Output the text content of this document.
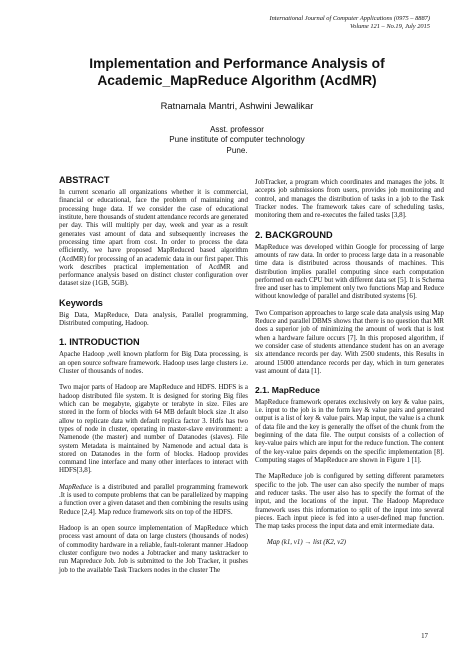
International Journal of Computer Applications (0975 – 8887)
Volume 121 – No.19, July 2015
Implementation and Performance Analysis of
Academic_MapReduce Algorithm (AcdMR)
Ratnamala Mantri, Ashwini Jewalikar
Asst. professor
Pune institute of computer technology
Pune.
ABSTRACT

In current scenario all organizations whether it is commercial, financial or educational, face the problem of maintaining and processing huge data. If we consider the case of educational institute, here thousands of student attendance records are generated per day. This will multiply per day, week and year as a result generates vast amount of data and subsequently increases the processing time apart from cost. In order to process the data efficiently, we have proposed MapReduced based algorithm (AcdMR) for processing of an academic data in our first paper. This work describes practical implementation of AcdMR and performance analysis based on distinct cluster configuration over dataset size (1GB, 5GB).

Keywords

Big Data, MapReduce, Data analysis, Parallel programming, Distributed computing, Hadoop.

1. INTRODUCTION

Apache Hadoop ,well known platform for Big Data processing, is an open source software framework. Hadoop uses large clusters i.e. Cluster of thousands of nodes.

Two major parts of Hadoop are MapReduce and HDFS. HDFS is a hadoop distributed file system. It is designed for storing Big files which can be megabyte, gigabyte or terabyte in size. Files are stored in the form of blocks with 64 MB default block size .It also allow to replicate data with default replica factor 3. Hdfs has two types of node in cluster, operating in master-slave environment: a Namenode (the master) and number of Datanodes (slaves). File system Metadata is maintained by Namenode and actual data is stored on Datanodes in the form of blocks. Hadoop provides command line interface and many other interfaces to interact with HDFS[3,8].

MapReduce is a distributed and parallel programming framework .It is used to compute problems that can be parallelized by mapping a function over a given dataset and then combining the results using Reduce [2,4]. Map reduce framework sits on top of the HDFS.

Hadoop is an open source implementation of MapReduce which process vast amount of data on large clusters (thousands of nodes) of commodity hardware in a reliable, fault-tolerant manner .Hadoop cluster configure two nodes a Jobtracker and many tasktracker to run Mapreduce Job. Job is submitted to the Job Tracker, it pushes job to the available Task Trackers nodes in the cluster The

JobTracker, a program which coordinates and manages the jobs. It accepts job submissions from users, provides job monitoring and control, and manages the distribution of tasks in a job to the Task Tracker nodes. The framework takes care of scheduling tasks, monitoring them and re-executes the failed tasks [3,8].

2. BACKGROUND

MapReduce was developed within Google for processing of large amounts of raw data. In order to process large data in a reasonable time data is distributed across thousands of machines. This distribution implies parallel computing since each computation performed on each CPU but with different data set [5]. It is Schema free and user has to implement only two functions Map and Reduce without knowledge of parallel and distributed systems [6].

Two Comparison approaches to large scale data analysis using Map Reduce and parallel DBMS shows that there is no question that MR does a superior job of minimizing the amount of work that is lost when a hardware failure occurs [7]. In this proposed algorithm, if we consider case of students attendance student has on an average six attendance records per day. With 2500 students, this Results in around 15000 attendance records per day, which in turn generates vast amount of data [1].

2.1. MapReduce

MapReduce framework operates exclusively on key & value pairs, i.e. input to the job is in the form key & value pairs and generated output is a list of key & value pairs. Map input, the value is a chunk of data file and the key is generally the offset of the chunk from the beginning of the data file. The output consists of a collection of key-value pairs which are input for the reduce function. The content of the key-value pairs depends on the specific implementation [8]. Computing stages of MapReduce are shown in Figure 1 [1].

The MapReduce job is configured by setting different parameters specific to the job. The user can also specify the number of maps and reducer tasks. The user also has to specify the format of the input, and the locations of the input. The Hadoop Mapreduce framework uses this information to split of the input into several pieces. Each input piece is fed into a user-defined map function. The map tasks process the input data and emit intermediate data.

Map (k1, v1) → list (K2, v2)
17
